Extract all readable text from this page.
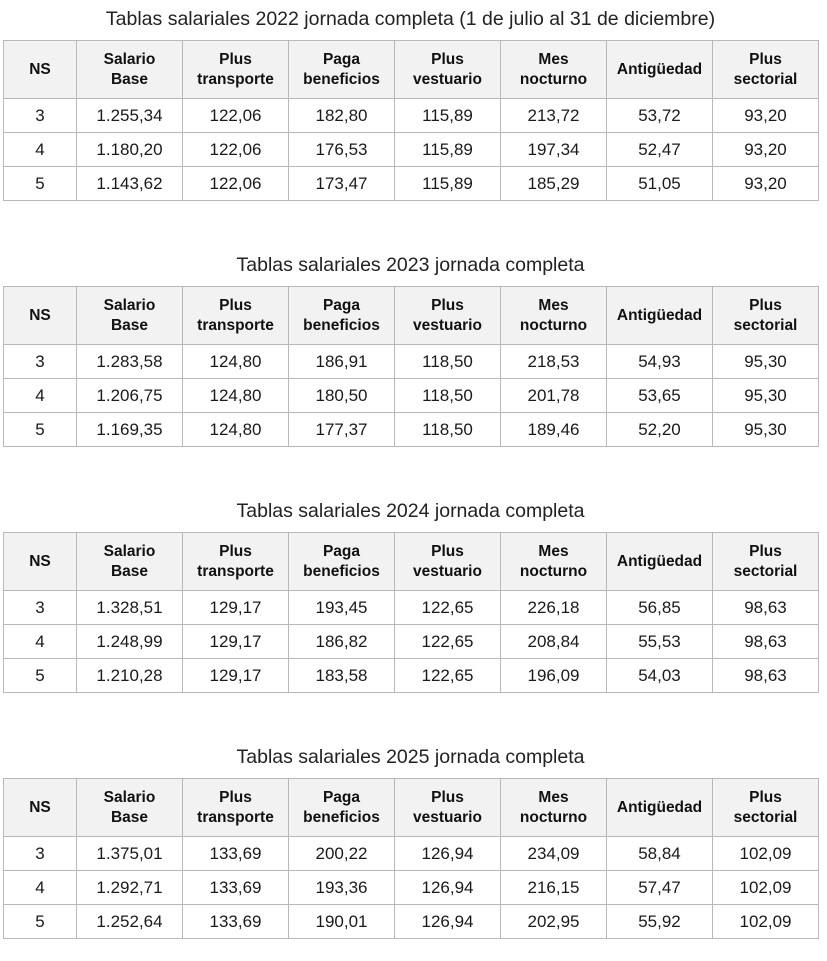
Tablas salariales 2022 jornada completa (1 de julio al 31 de diciembre)
NS	Salario Base	Plus transporte	Paga beneficios	Plus vestuario	Mes nocturno	Antigüedad	Plus sectorial
3	1.255,34	122,06	182,80	115,89	213,72	53,72	93,20
4	1.180,20	122,06	176,53	115,89	197,34	52,47	93,20
5	1.143,62	122,06	173,47	115,89	185,29	51,05	93,20
Tablas salariales 2023 jornada completa
NS	Salario Base	Plus transporte	Paga beneficios	Plus vestuario	Mes nocturno	Antigüedad	Plus sectorial
3	1.283,58	124,80	186,91	118,50	218,53	54,93	95,30
4	1.206,75	124,80	180,50	118,50	201,78	53,65	95,30
5	1.169,35	124,80	177,37	118,50	189,46	52,20	95,30
Tablas salariales 2024 jornada completa
NS	Salario Base	Plus transporte	Paga beneficios	Plus vestuario	Mes nocturno	Antigüedad	Plus sectorial
3	1.328,51	129,17	193,45	122,65	226,18	56,85	98,63
4	1.248,99	129,17	186,82	122,65	208,84	55,53	98,63
5	1.210,28	129,17	183,58	122,65	196,09	54,03	98,63
Tablas salariales 2025 jornada completa
NS	Salario Base	Plus transporte	Paga beneficios	Plus vestuario	Mes nocturno	Antigüedad	Plus sectorial
3	1.375,01	133,69	200,22	126,94	234,09	58,84	102,09
4	1.292,71	133,69	193,36	126,94	216,15	57,47	102,09
5	1.252,64	133,69	190,01	126,94	202,95	55,92	102,09
